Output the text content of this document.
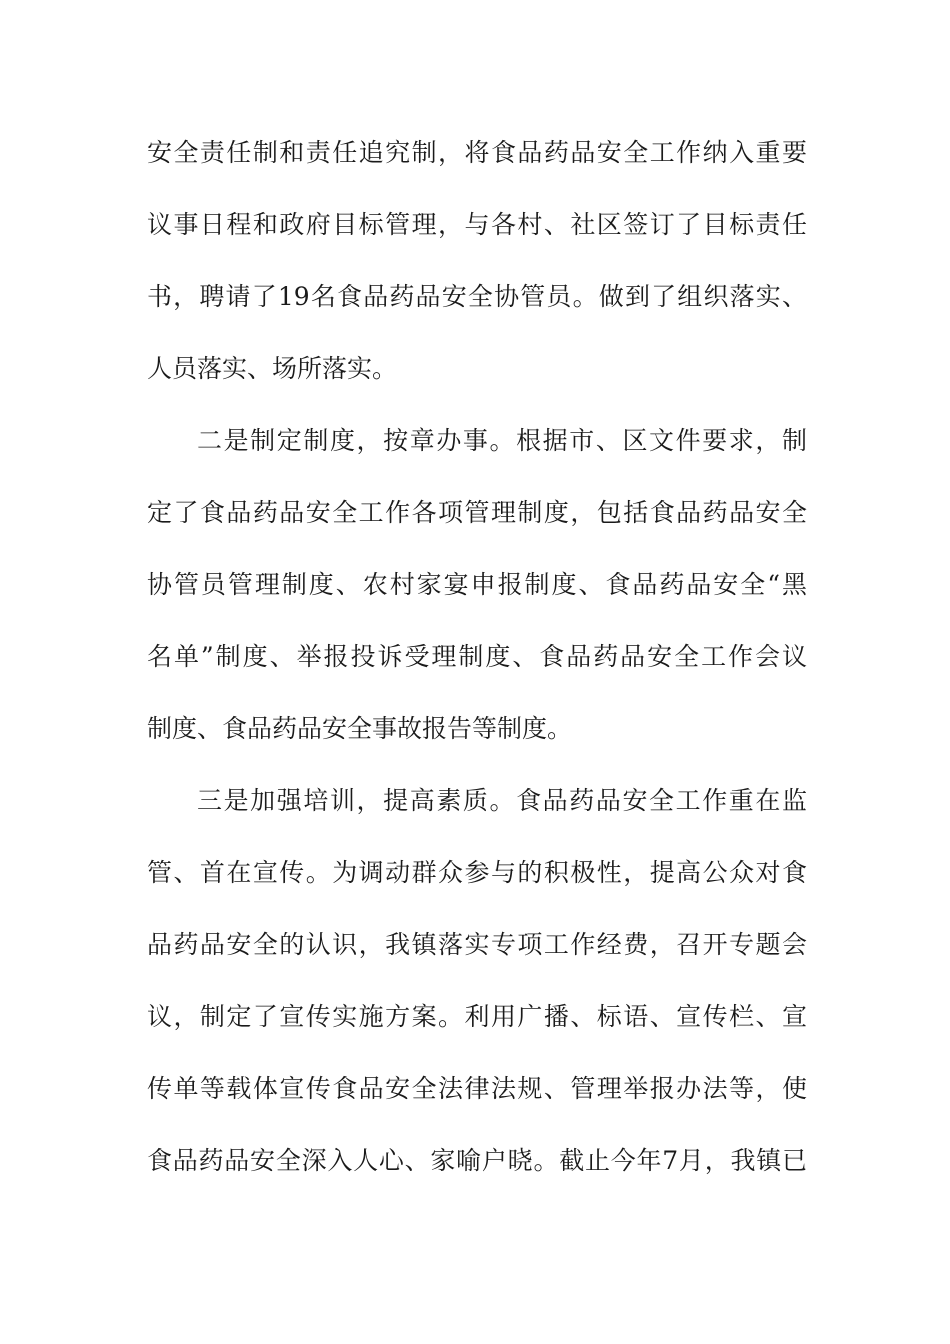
安全责任制和责任追究制，将食品药品安全工作纳入重要
议事日程和政府目标管理，与各村、社区签订了目标责任
书，聘请了19名食品药品安全协管员。做到了组织落实、
人员落实、场所落实。
二是制定制度，按章办事。根据市、区文件要求，制
定了食品药品安全工作各项管理制度，包括食品药品安全
协管员管理制度、农村家宴申报制度、食品药品安全“黑
名单”制度、举报投诉受理制度、食品药品安全工作会议
制度、食品药品安全事故报告等制度。
三是加强培训，提高素质。食品药品安全工作重在监
管、首在宣传。为调动群众参与的积极性，提高公众对食
品药品安全的认识，我镇落实专项工作经费，召开专题会
议，制定了宣传实施方案。利用广播、标语、宣传栏、宣
传单等载体宣传食品安全法律法规、管理举报办法等，使
食品药品安全深入人心、家喻户晓。截止今年7月，我镇已
